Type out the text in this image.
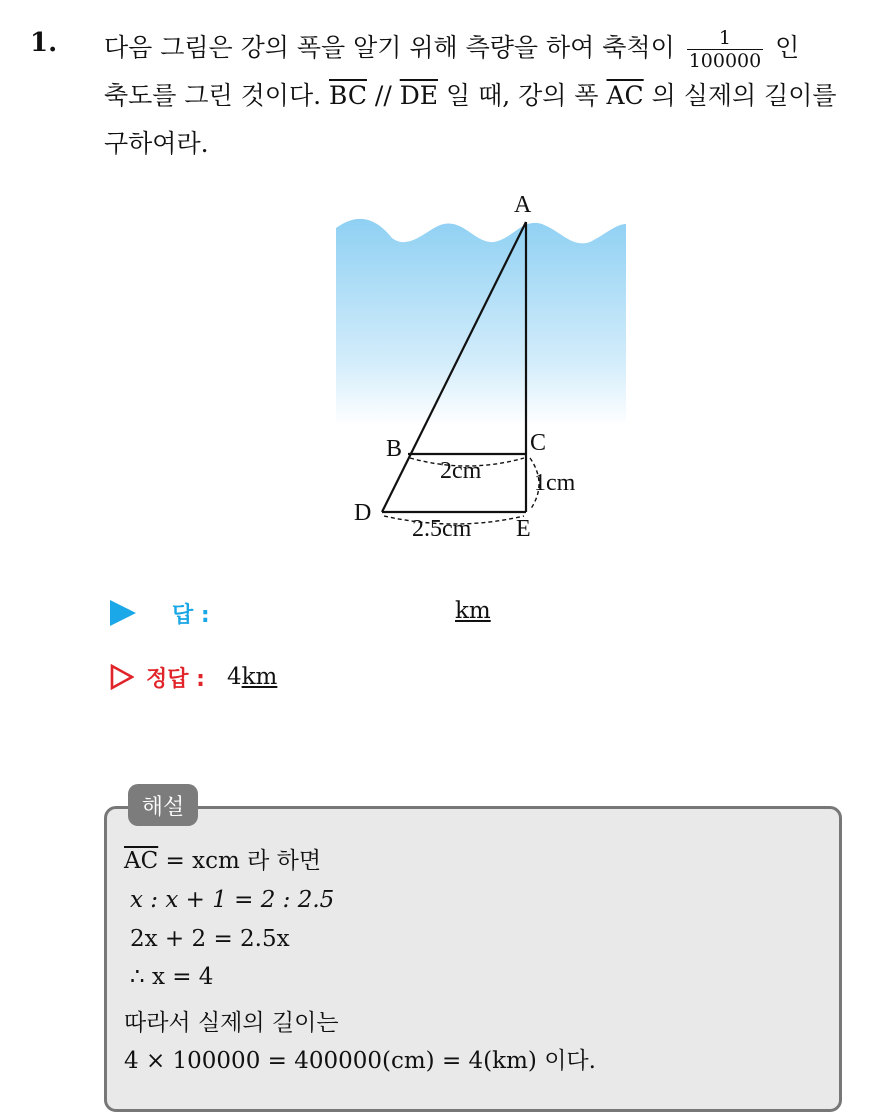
1. 다음 그림은 강의 폭을 알기 위해 측량을 하여 축척이 $\frac{1}{100000}$ 인
축도를 그린 것이다. $\overline{BC} // \overline{DE}$ 일 때, 강의 폭 $\overline{AC}$ 의 실제의 길이를
구하여라.
A
B	C
D
E
2cm 1cm
2.5cm
답 :	km
정답 : 4km
해설
$\overline{AC}$ = xcm 라 하면
x : x + 1 = 2 : 2.5
2x + 2 = 2.5x
∴ x = 4
따라서 실제의 길이는
4 × 100000 = 400000(cm) = 4(km) 이다.
